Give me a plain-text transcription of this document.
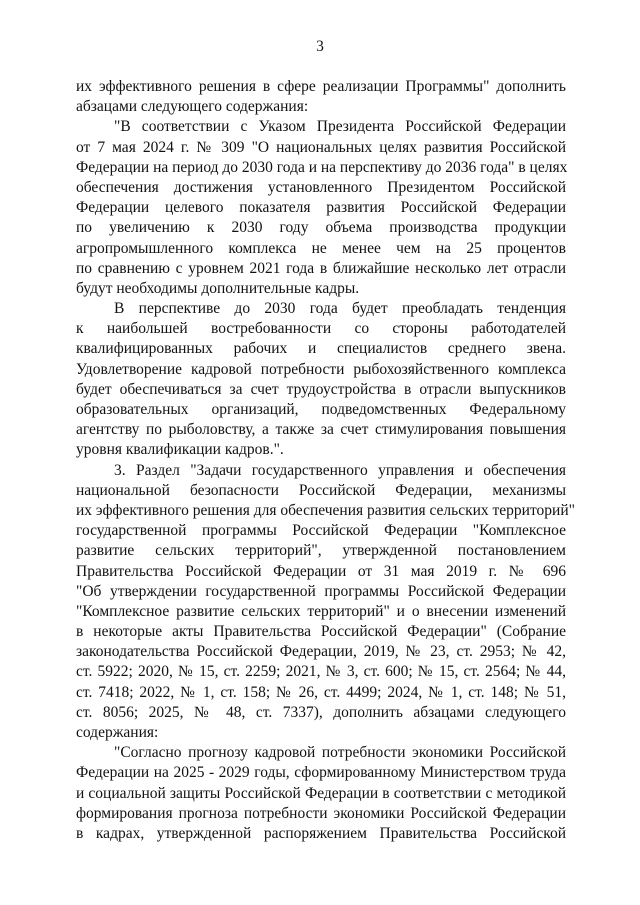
3
их эффективного решения в сфере реализации Программы" дополнить
абзацами следующего содержания:
"В соответствии с Указом Президента Российской Федерации
от 7 мая 2024 г. № 309 "О национальных целях развития Российской
Федерации на период до 2030 года и на перспективу до 2036 года" в целях
обеспечения достижения установленного Президентом Российской
Федерации целевого показателя развития Российской Федерации
по увеличению к 2030 году объема производства продукции
агропромышленного комплекса не менее чем на 25 процентов
по сравнению с уровнем 2021 года в ближайшие несколько лет отрасли
будут необходимы дополнительные кадры.
В перспективе до 2030 года будет преобладать тенденция
к наибольшей востребованности со стороны работодателей
квалифицированных рабочих и специалистов среднего звена.
Удовлетворение кадровой потребности рыбохозяйственного комплекса
будет обеспечиваться за счет трудоустройства в отрасли выпускников
образовательных организаций, подведомственных Федеральному
агентству по рыболовству, а также за счет стимулирования повышения
уровня квалификации кадров.".
3. Раздел "Задачи государственного управления и обеспечения
национальной безопасности Российской Федерации, механизмы
их эффективного решения для обеспечения развития сельских территорий"
государственной программы Российской Федерации "Комплексное
развитие сельских территорий", утвержденной постановлением
Правительства Российской Федерации от 31 мая 2019 г. № 696
"Об утверждении государственной программы Российской Федерации
"Комплексное развитие сельских территорий" и о внесении изменений
в некоторые акты Правительства Российской Федерации" (Собрание
законодательства Российской Федерации, 2019, № 23, ст. 2953; № 42,
ст. 5922; 2020, № 15, ст. 2259; 2021, № 3, ст. 600; № 15, ст. 2564; № 44,
ст. 7418; 2022, № 1, ст. 158; № 26, ст. 4499; 2024, № 1, ст. 148; № 51,
ст. 8056; 2025, № 48, ст. 7337), дополнить абзацами следующего
содержания:
"Согласно прогнозу кадровой потребности экономики Российской
Федерации на 2025 - 2029 годы, сформированному Министерством труда
и социальной защиты Российской Федерации в соответствии с методикой
формирования прогноза потребности экономики Российской Федерации
в кадрах, утвержденной распоряжением Правительства Российской
